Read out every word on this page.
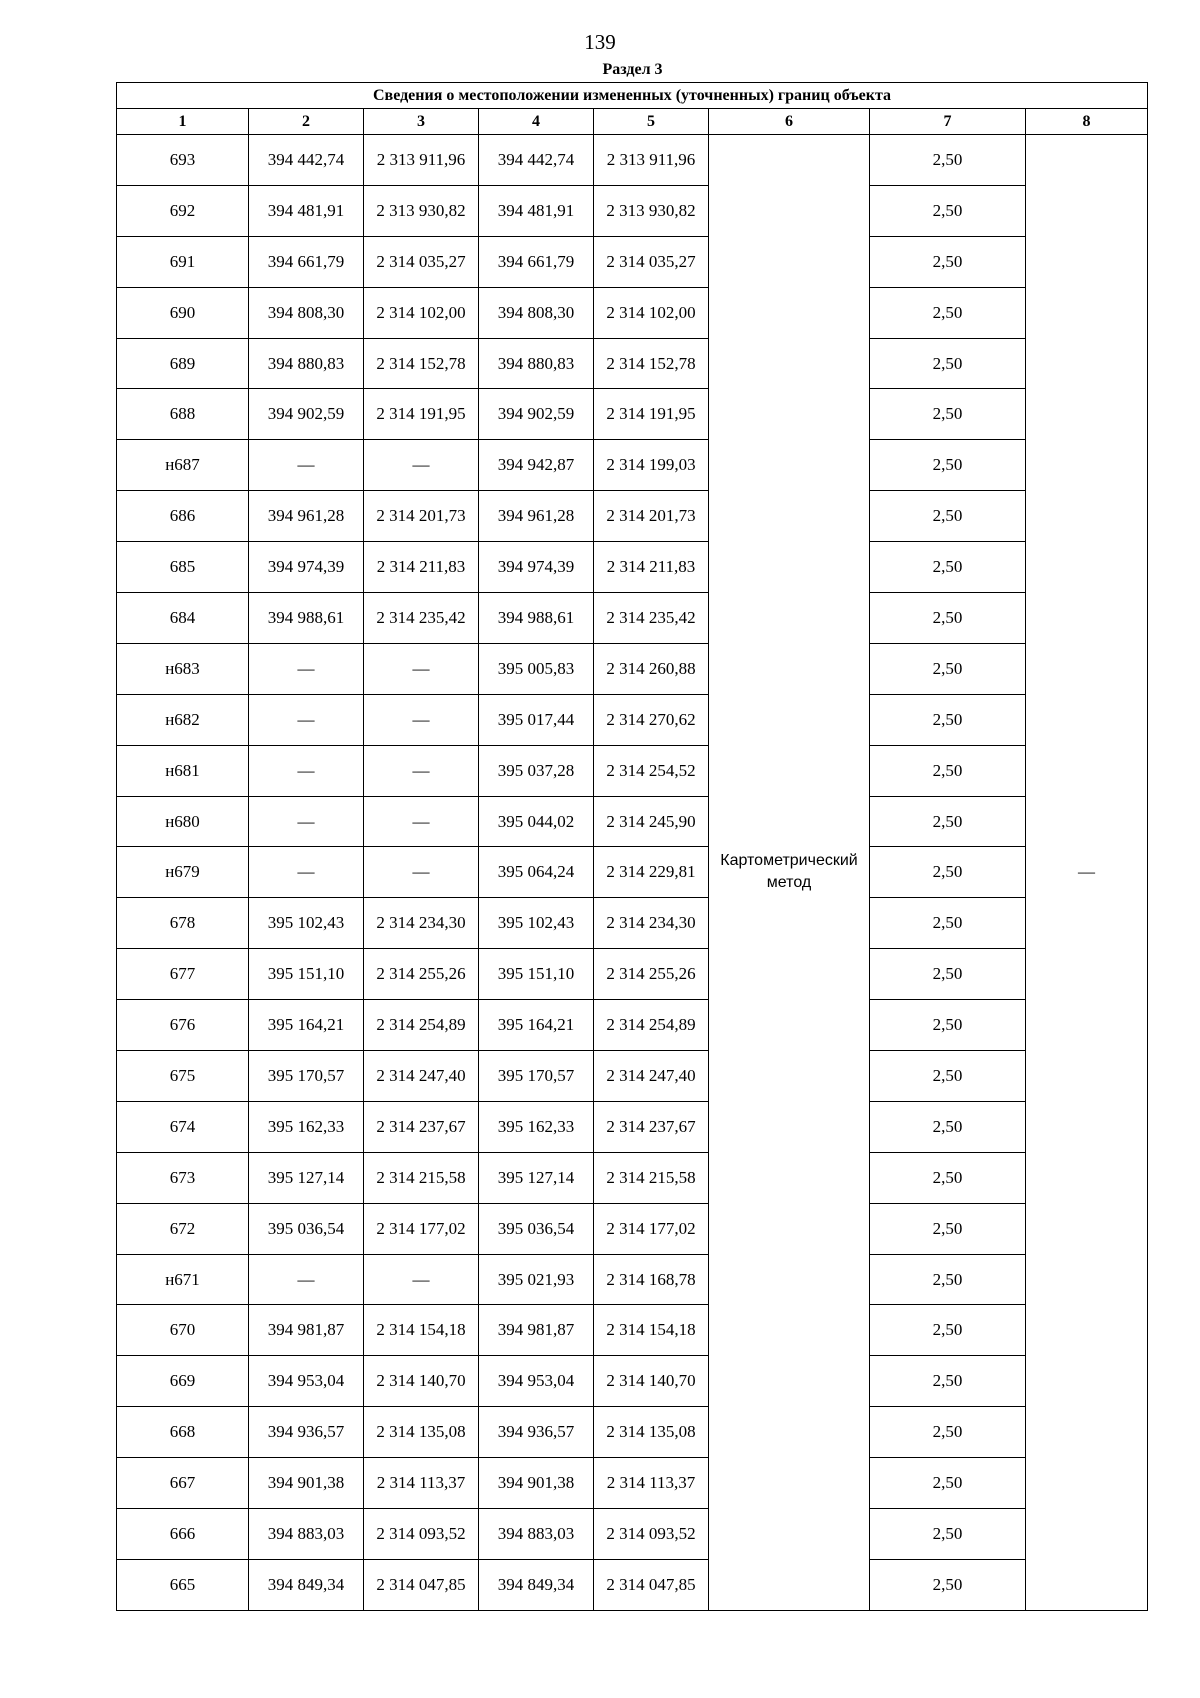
139
Раздел 3
Сведения о местоположении измененных (уточненных) границ объекта							
1	2	3	4	5	6	7	8
693	394 442,74	2 313 911,96	394 442,74	2 313 911,96	Картометрический метод	2,50	—
692	394 481,91	2 313 930,82	394 481,91	2 313 930,82		2,50	
691	394 661,79	2 314 035,27	394 661,79	2 314 035,27		2,50	
690	394 808,30	2 314 102,00	394 808,30	2 314 102,00		2,50	
689	394 880,83	2 314 152,78	394 880,83	2 314 152,78		2,50	
688	394 902,59	2 314 191,95	394 902,59	2 314 191,95		2,50	
н687	—	—	394 942,87	2 314 199,03		2,50	
686	394 961,28	2 314 201,73	394 961,28	2 314 201,73		2,50	
685	394 974,39	2 314 211,83	394 974,39	2 314 211,83		2,50	
684	394 988,61	2 314 235,42	394 988,61	2 314 235,42		2,50	
н683	—	—	395 005,83	2 314 260,88		2,50	
н682	—	—	395 017,44	2 314 270,62		2,50	
н681	—	—	395 037,28	2 314 254,52		2,50	
н680	—	—	395 044,02	2 314 245,90		2,50	
н679	—	—	395 064,24	2 314 229,81		2,50	
678	395 102,43	2 314 234,30	395 102,43	2 314 234,30		2,50	
677	395 151,10	2 314 255,26	395 151,10	2 314 255,26		2,50	
676	395 164,21	2 314 254,89	395 164,21	2 314 254,89		2,50	
675	395 170,57	2 314 247,40	395 170,57	2 314 247,40		2,50	
674	395 162,33	2 314 237,67	395 162,33	2 314 237,67		2,50	
673	395 127,14	2 314 215,58	395 127,14	2 314 215,58		2,50	
672	395 036,54	2 314 177,02	395 036,54	2 314 177,02		2,50	
н671	—	—	395 021,93	2 314 168,78		2,50	
670	394 981,87	2 314 154,18	394 981,87	2 314 154,18		2,50	
669	394 953,04	2 314 140,70	394 953,04	2 314 140,70		2,50	
668	394 936,57	2 314 135,08	394 936,57	2 314 135,08		2,50	
667	394 901,38	2 314 113,37	394 901,38	2 314 113,37		2,50	
666	394 883,03	2 314 093,52	394 883,03	2 314 093,52		2,50	
665	394 849,34	2 314 047,85	394 849,34	2 314 047,85		2,50	
